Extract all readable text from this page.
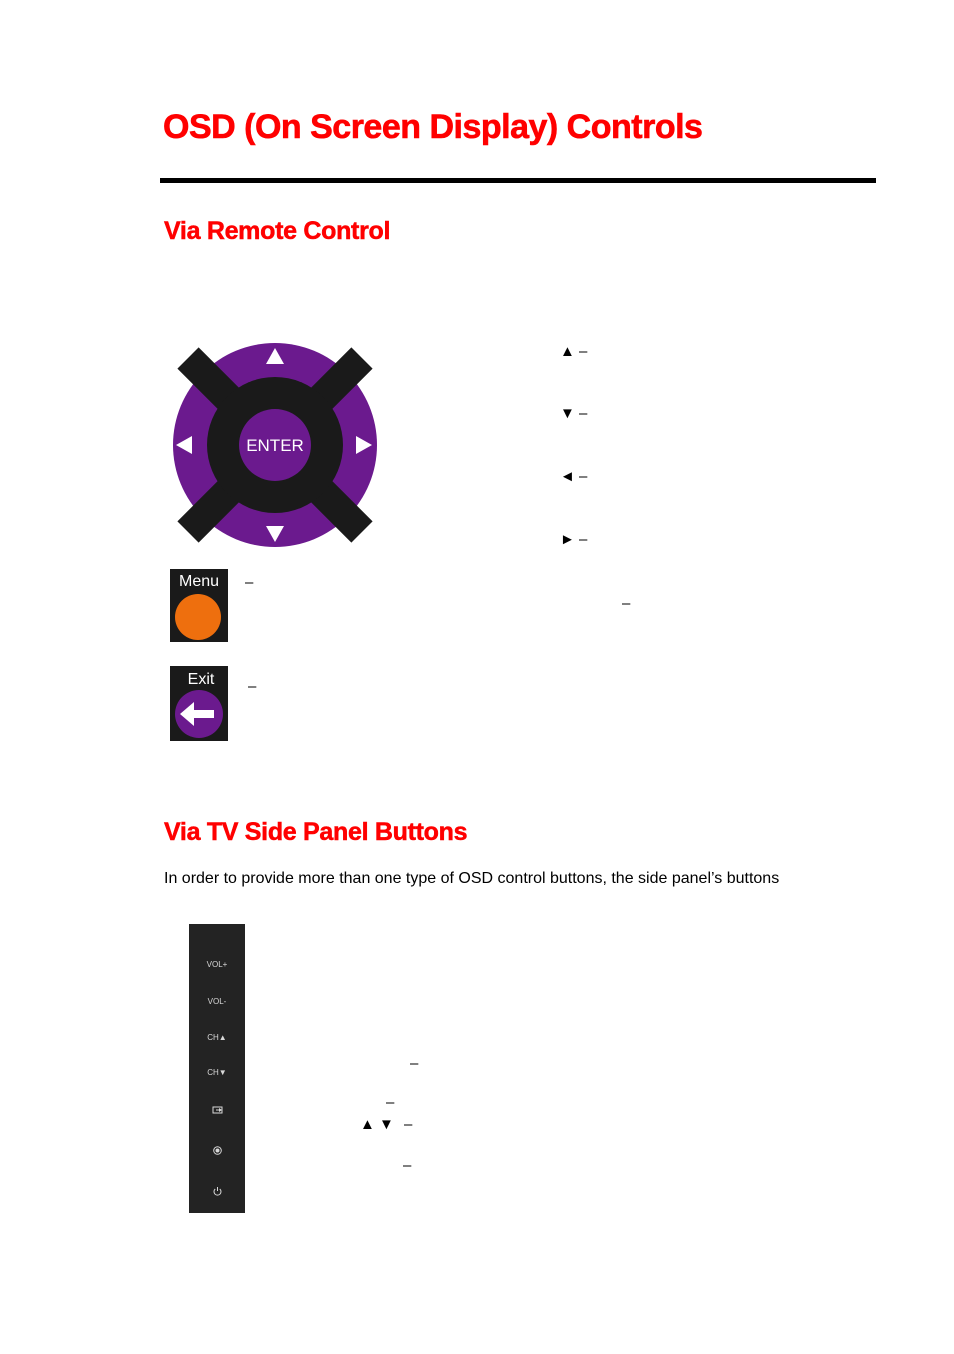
OSD (On Screen Display) Controls
Via Remote Control
ENTER
▲ –
▼ –
◄ –
► –
–
Menu –
Exit –
Via TV Side Panel Buttons
In order to provide more than one type of OSD control buttons, the side panel’s buttons
VOL+
VOL-
CH▲
CH▼
–
–
▲ ▼ –
–
